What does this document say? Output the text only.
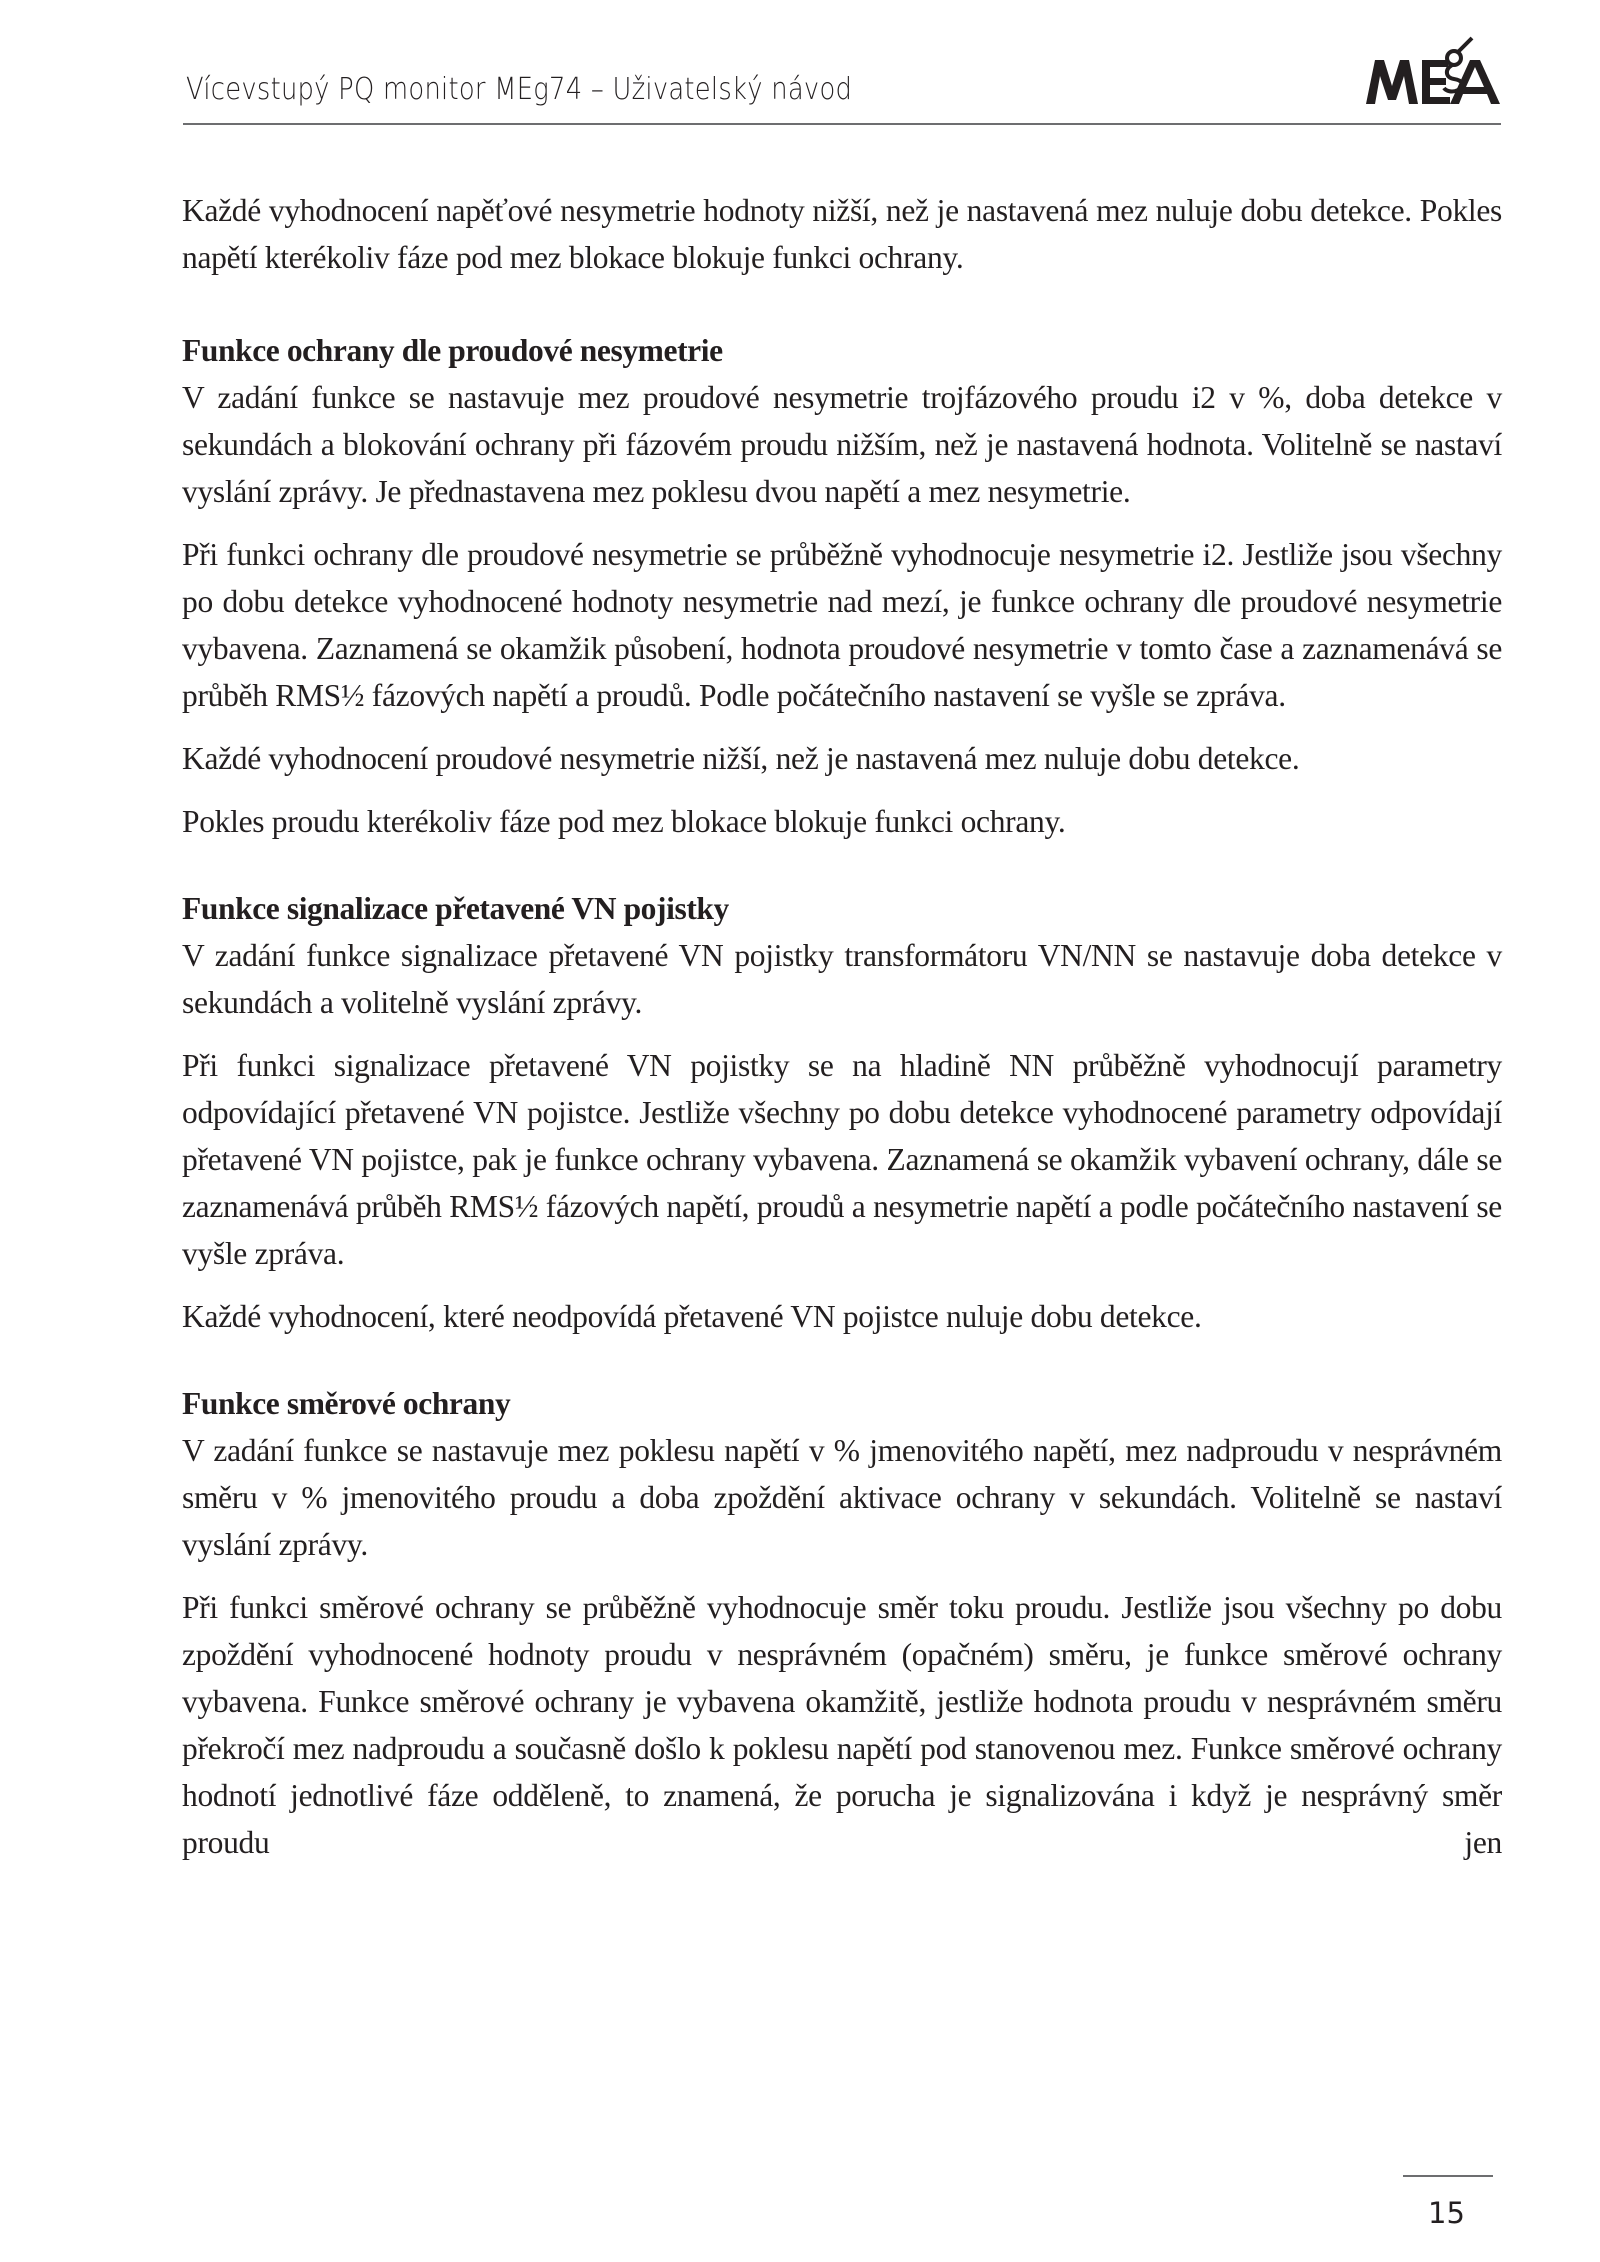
Vícevstupý PQ monitor MEg74 – Uživatelský návod

Každé vyhodnocení napěťové nesymetrie hodnoty nižší, než je nastavená mez nuluje dobu detekce. Pokles napětí kterékoliv fáze pod mez blokace blokuje funkci ochrany.

Funkce ochrany dle proudové nesymetrie

V zadání funkce se nastavuje mez proudové nesymetrie trojfázového proudu i2 v %, doba detekce v sekundách a blokování ochrany při fázovém proudu nižším, než je nastavená hodnota. Volitelně se nastaví vyslání zprávy. Je přednastavena mez poklesu dvou napětí a mez nesymetrie.

Při funkci ochrany dle proudové nesymetrie se průběžně vyhodnocuje nesymetrie i2. Jestliže jsou všechny po dobu detekce vyhodnocené hodnoty nesymetrie nad mezí, je funkce ochrany dle proudové nesymetrie vybavena. Zaznamená se okamžik působení, hodnota proudové nesymetrie v tomto čase a zaznamenává se průběh RMS½ fázových napětí a proudů. Podle počátečního nastavení se vyšle se zpráva.

Každé vyhodnocení proudové nesymetrie nižší, než je nastavená mez nuluje dobu detekce.

Pokles proudu kterékoliv fáze pod mez blokace blokuje funkci ochrany.

Funkce signalizace přetavené VN pojistky

V zadání funkce signalizace přetavené VN pojistky transformátoru VN/NN se nastavuje doba detekce v sekundách a volitelně vyslání zprávy.

Při funkci signalizace přetavené VN pojistky se na hladině NN průběžně vyhodnocují parametry odpovídající přetavené VN pojistce. Jestliže všechny po dobu detekce vyhodnocené parametry odpovídají přetavené VN pojistce, pak je funkce ochrany vybavena. Zaznamená se okamžik vybavení ochrany, dále se zaznamenává průběh RMS½ fázových napětí, proudů a nesymetrie napětí a podle počátečního nastavení se vyšle zpráva.

Každé vyhodnocení, které neodpovídá přetavené VN pojistce nuluje dobu detekce.

Funkce směrové ochrany

V zadání funkce se nastavuje mez poklesu napětí v % jmenovitého napětí, mez nadproudu v nesprávném směru v % jmenovitého proudu a doba zpoždění aktivace ochrany v sekundách. Volitelně se nastaví vyslání zprávy.

Při funkci směrové ochrany se průběžně vyhodnocuje směr toku proudu. Jestliže jsou všechny po dobu zpoždění vyhodnocené hodnoty proudu v nesprávném (opačném) směru, je funkce směrové ochrany vybavena. Funkce směrové ochrany je vybavena okamžitě, jestliže hodnota proudu v nesprávném směru překročí mez nadproudu a současně došlo k poklesu napětí pod stanovenou mez. Funkce směrové ochrany hodnotí jednotlivé fáze odděleně, to znamená, že porucha je signalizována i když je nesprávný směr proudu jen

15
